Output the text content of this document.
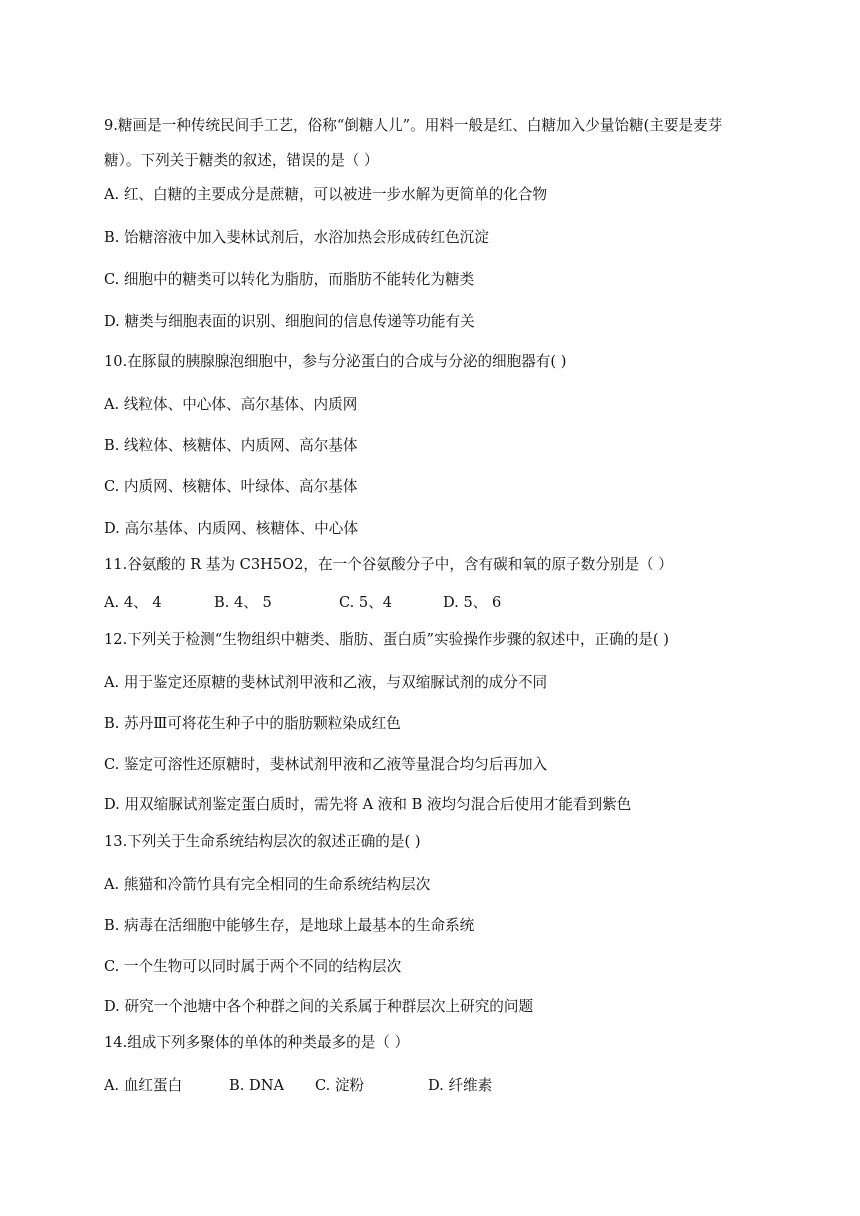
9.糖画是一种传统民间手工艺，俗称“倒糖人儿”。用料一般是红、白糖加入少量饴糖(主要是麦芽
糖）。下列关于糖类的叙述，错误的是（ ）
A. 红、白糖的主要成分是蔗糖，可以被进一步水解为更简单的化合物
B. 饴糖溶液中加入斐林试剂后，水浴加热会形成砖红色沉淀
C. 细胞中的糖类可以转化为脂肪，而脂肪不能转化为糖类
D. 糖类与细胞表面的识别、细胞间的信息传递等功能有关
10.在豚鼠的胰腺腺泡细胞中，参与分泌蛋白的合成与分泌的细胞器有( )
A. 线粒体、中心体、高尔基体、内质网
B. 线粒体、核糖体、内质网、高尔基体
C. 内质网、核糖体、叶绿体、高尔基体
D. 高尔基体、内质网、核糖体、中心体
11.谷氨酸的 R 基为 C3H5O2，在一个谷氨酸分子中，含有碳和氧的原子数分别是（ ）
A. 4、 4	B. 4、 5	C. 5、4	D. 5、 6
12.下列关于检测“生物组织中糖类、脂肪、蛋白质”实验操作步骤的叙述中，正确的是( )
A. 用于鉴定还原糖的斐林试剂甲液和乙液，与双缩脲试剂的成分不同
B. 苏丹Ⅲ可将花生种子中的脂肪颗粒染成红色
C. 鉴定可溶性还原糖时，斐林试剂甲液和乙液等量混合均匀后再加入
D. 用双缩脲试剂鉴定蛋白质时，需先将 A 液和 B 液均匀混合后使用才能看到紫色
13.下列关于生命系统结构层次的叙述正确的是( )
A. 熊猫和冷箭竹具有完全相同的生命系统结构层次
B. 病毒在活细胞中能够生存，是地球上最基本的生命系统
C. 一个生物可以同时属于两个不同的结构层次
D. 研究一个池塘中各个种群之间的关系属于种群层次上研究的问题
14.组成下列多聚体的单体的种类最多的是（ ）
A. 血红蛋白	B. DNA C. 淀粉	D. 纤维素
